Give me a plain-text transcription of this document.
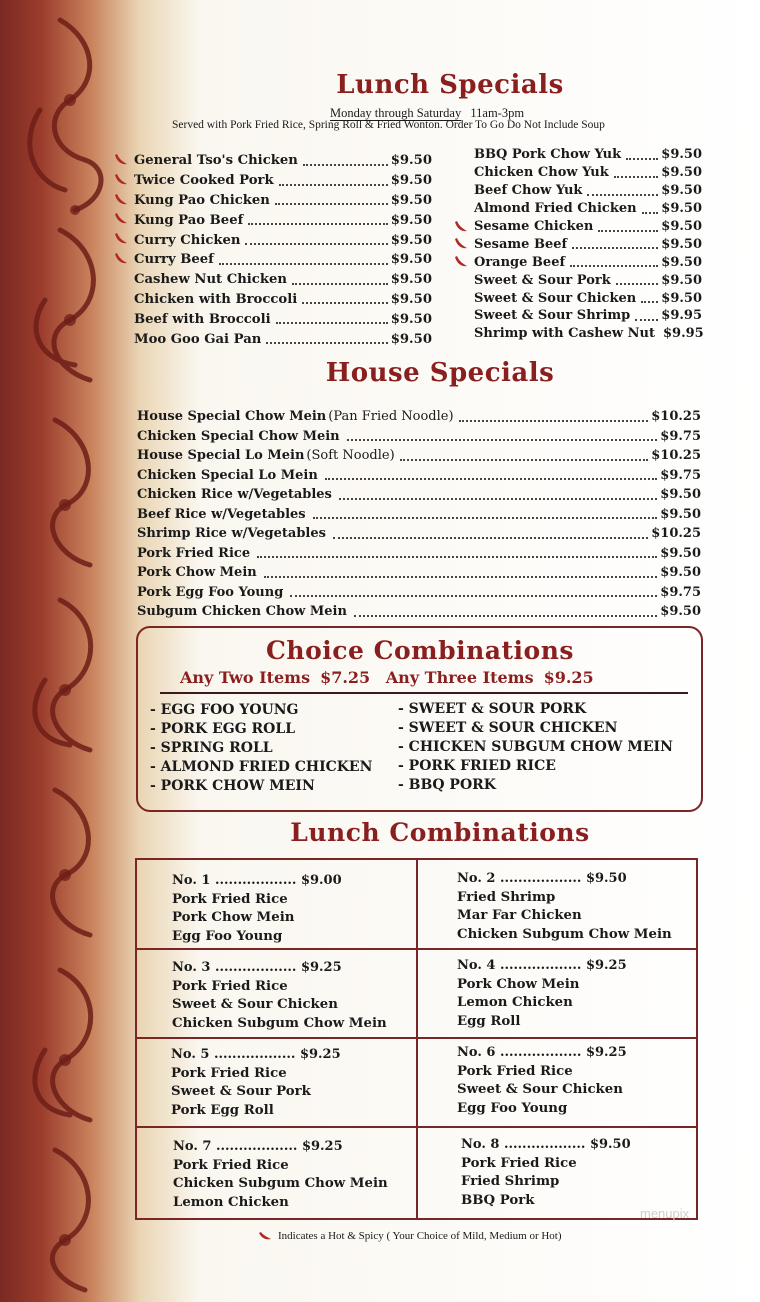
Lunch Specials
Monday through Saturday 11am-3pm
Served with Pork Fried Rice, Spring Roll & Fried Wonton. Order To Go Do Not Include Soup
General Tso's Chicken	$9.50
Twice Cooked Pork	$9.50
Kung Pao Chicken	$9.50
Kung Pao Beef	$9.50
Curry Chicken	$9.50
Curry Beef	$9.50
Cashew Nut Chicken	$9.50
Chicken with Broccoli	$9.50
Beef with Broccoli	$9.50
Moo Goo Gai Pan	$9.50
BBQ Pork Chow Yuk	$9.50
Chicken Chow Yuk	$9.50
Beef Chow Yuk	$9.50
Almond Fried Chicken $9.50
Sesame Chicken	$9.50
Sesame Beef	$9.50
Orange Beef	$9.50
Sweet & Sour Pork	$9.50
Sweet & Sour Chicken $9.50
Sweet & Sour Shrimp $9.95
Shrimp with Cashew Nut $9.95
House Specials
House Special Chow Mein (Pan Fried Noodle)	$10.25
Chicken Special Chow Mein	$9.75
House Special Lo Mein (Soft Noodle)	$10.25
Chicken Special Lo Mein	$9.75
Chicken Rice w/Vegetables	$9.50
Beef Rice w/Vegetables	$9.50
Shrimp Rice w/Vegetables	$10.25
Pork Fried Rice	$9.50
Pork Chow Mein	$9.50
Pork Egg Foo Young	$9.75
Subgum Chicken Chow Mein	$9.50
Choice Combinations
Any Two Items $7.25 Any Three Items $9.25
- EGG FOO YOUNG
- PORK EGG ROLL
- SPRING ROLL
- ALMOND FRIED CHICKEN
- PORK CHOW MEIN
- SWEET & SOUR PORK
- SWEET & SOUR CHICKEN
- CHICKEN SUBGUM CHOW MEIN
- PORK FRIED RICE
- BBQ PORK
Lunch Combinations
No. 1 .................. $9.00
Pork Fried Rice
Pork Chow Mein
Egg Foo Young
No. 2 .................. $9.50
Fried Shrimp
Mar Far Chicken
Chicken Subgum Chow Mein
No. 3 .................. $9.25
Pork Fried Rice
Sweet & Sour Chicken
Chicken Subgum Chow Mein
No. 4 .................. $9.25
Pork Chow Mein
Lemon Chicken
Egg Roll
No. 5 .................. $9.25
Pork Fried Rice
Sweet & Sour Pork
Pork Egg Roll
No. 6 .................. $9.25
Pork Fried Rice
Sweet & Sour Chicken
Egg Foo Young
No. 7 .................. $9.25
Pork Fried Rice
Chicken Subgum Chow Mein
Lemon Chicken
No. 8 .................. $9.50
Pork Fried Rice
Fried Shrimp
BBQ Pork
Indicates a Hot & Spicy ( Your Choice of Mild, Medium or Hot)
menupix
